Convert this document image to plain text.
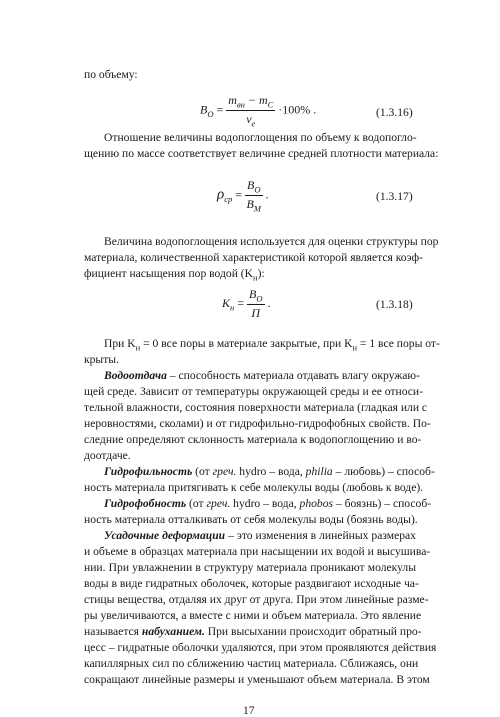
по объему:
$B_O = \frac{m_{вн} - m_C}{v_e} \cdot 100\%$ .	(1.3.16)
Отношение величины водопоглощения по объему к водопогло-
щению по массе соответствует величине средней плотности материала:
$\rho_{cp} = \frac{B_O}{B_M}$ .	(1.3.17)
Величина водопоглощения используется для оценки структуры пор
материала, количественной характеристикой которой является коэф-
фициент насыщения пор водой $(K_н)$:
$K_н = \frac{B_O}{П}$ .	(1.3.18)
При $K_н = 0$ все поры в материале закрытые, при $K_н = 1$ все поры от-
крыты.
Водоотдача – способность материала отдавать влагу окружаю-
щей среде. Зависит от температуры окружающей среды и ее относи-
тельной влажности, состояния поверхности материала (гладкая или с
неровностями, сколами) и от гидрофильно-гидрофобных свойств. По-
следние определяют склонность материала к водопоглощению и во-
доотдаче.
Гидрофильность (от греч. hydro – вода, philia – любовь) – способ-
ность материала притягивать к себе молекулы воды (любовь к воде).
Гидрофобность (от греч. hydro – вода, phobos – боязнь) – способ-
ность материала отталкивать от себя молекулы воды (боязнь воды).
Усадочные деформации – это изменения в линейных размерах
и объеме в образцах материала при насыщении их водой и высушива-
нии. При увлажнении в структуру материала проникают молекулы
воды в виде гидратных оболочек, которые раздвигают исходные ча-
стицы вещества, отдаляя их друг от друга. При этом линейные разме-
ры увеличиваются, а вместе с ними и объем материала. Это явление
называется набуханием. При высыхании происходит обратный про-
17
цесс – гидратные оболочки удаляются, при этом проявляются действия
капиллярных сил по сближению частиц материала. Сближаясь, они
сокращают линейные размеры и уменьшают объем материала. В этом
